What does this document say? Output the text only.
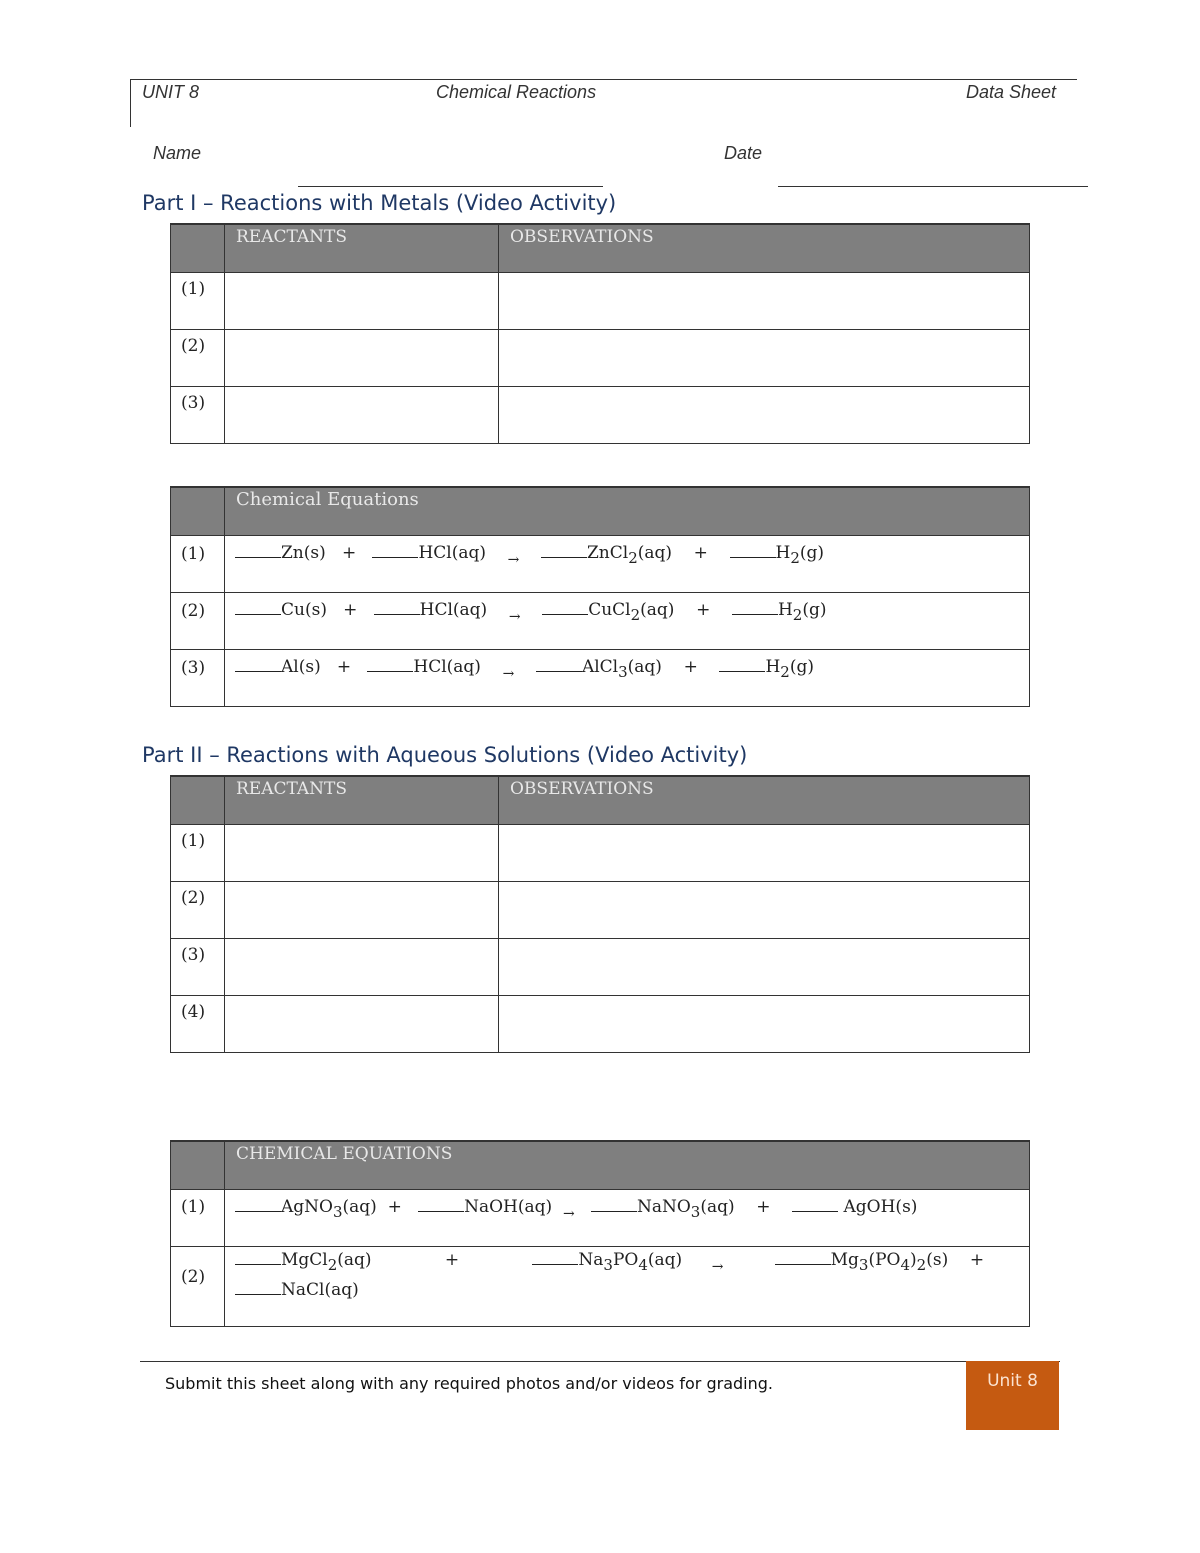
UNIT 8	Chemical Reactions	Data Sheet
Name	Date
Part I – Reactions with Metals (Video Activity)

	REACTANTS	OBSERVATIONS

(1)		

(2)		

(3)		

	Chemical Equations

(1)	Zn(s) + HCl(aq) $_\to$ ZnCl$_2$(aq) + $H_2(g)$

(2)	Cu(s) + HCl(aq) $_\to$ CuCl$_2$(aq) + $H_2(g)$

(3)	Al(s) + HCl(aq) $_\to$ AlCl$_3$(aq) + $H_2(g)$
Part II – Reactions with Aqueous Solutions (Video Activity)

	REACTANTS	OBSERVATIONS

(1)		

(2)		

(3)		

(4)		

	CHEMICAL EQUATIONS

(1)	AgNO$_3$(aq) + NaOH(aq) $_\to$ NaNO$_3$(aq) + AgOH(s)

(2)	MgCl$_2$(aq) + $Na_3PO_4(aq) \to Mg_3(PO_4)_2(s)$ +
NaCl(aq)
Submit this sheet along with any required photos and/or videos for grading.	Unit 8
